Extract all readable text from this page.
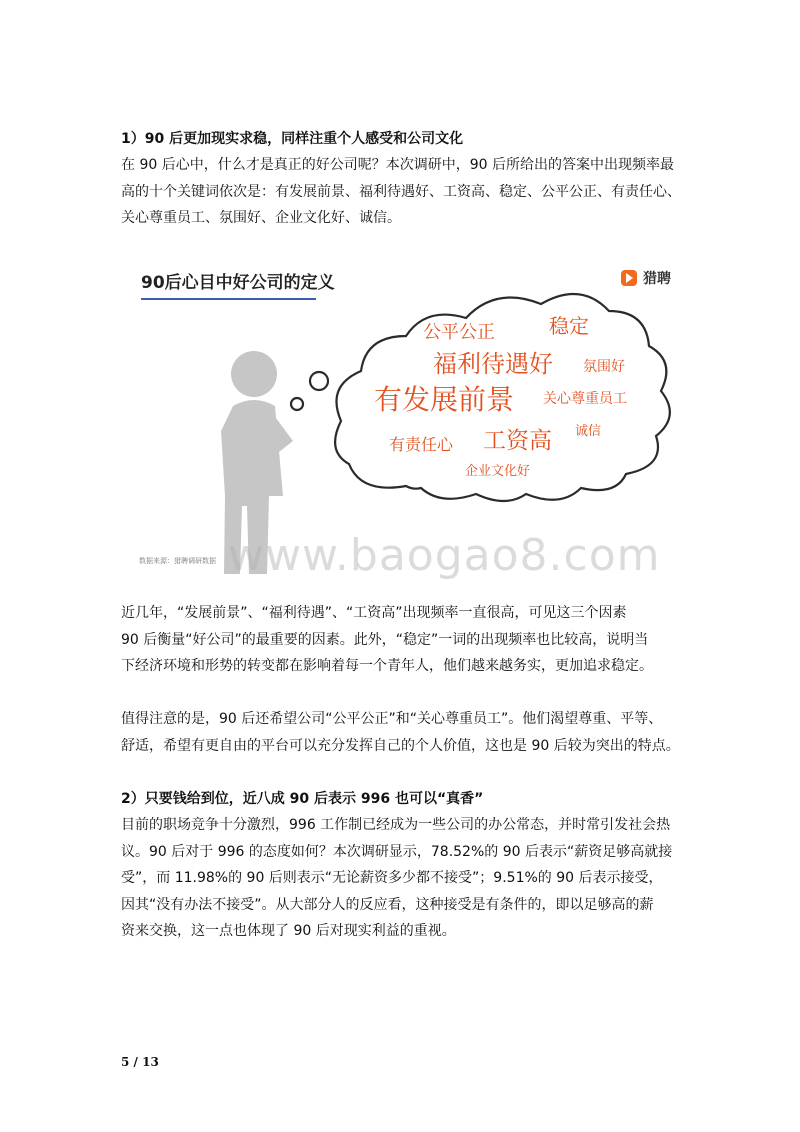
1）90 后更加现实求稳，同样注重个人感受和公司文化
在 90 后心中，什么才是真正的好公司呢？本次调研中，90 后所给出的答案中出现频率最
高的十个关键词依次是：有发展前景、福利待遇好、工资高、稳定、公平公正、有责任心、
关心尊重员工、氛围好、企业文化好、诚信。
90后心目中好公司的定义	猎聘
公平公正	稳定
福利待遇好 氛围好
有发展前景 关心尊重员工
工资高 诚信
有责任心
企业文化好
数据来源：猎聘调研数据 www.baogao8.com
近几年，“发展前景”、“福利待遇”、“工资高”出现频率一直很高，可见这三个因素
90 后衡量“好公司”的最重要的因素。此外，“稳定”一词的出现频率也比较高，说明当
下经济环境和形势的转变都在影响着每一个青年人，他们越来越务实，更加追求稳定。
值得注意的是，90 后还希望公司“公平公正”和“关心尊重员工”。他们渴望尊重、平等、
舒适，希望有更自由的平台可以充分发挥自己的个人价值，这也是 90 后较为突出的特点。
2）只要钱给到位，近八成 90 后表示 996 也可以“真香”
目前的职场竞争十分激烈，996 工作制已经成为一些公司的办公常态，并时常引发社会热
议。90 后对于 996 的态度如何？本次调研显示，78.52%的 90 后表示“薪资足够高就接
受”，而 11.98%的 90 后则表示“无论薪资多少都不接受”；9.51%的 90 后表示接受，
因其“没有办法不接受”。从大部分人的反应看，这种接受是有条件的，即以足够高的薪
资来交换，这一点也体现了 90 后对现实利益的重视。
5 / 13
